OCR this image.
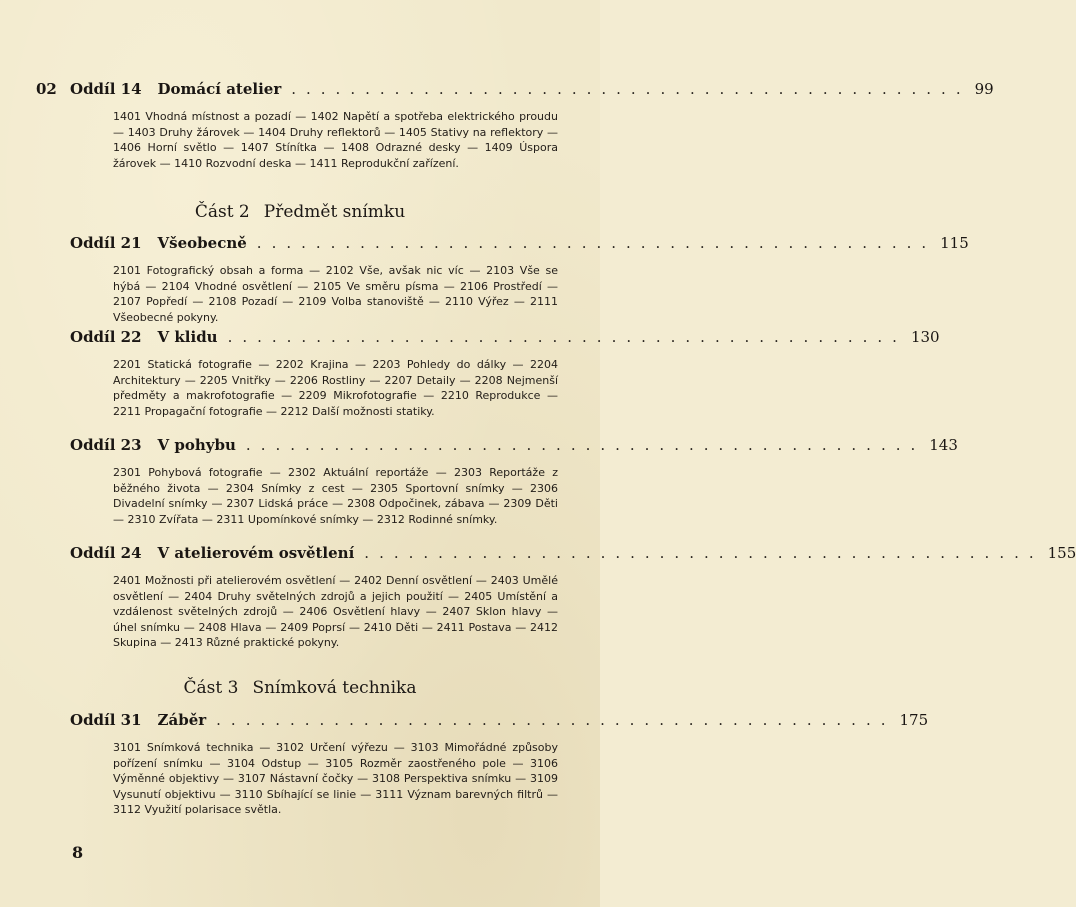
02 Oddíl 14 Domácí atelier .............................................. 99
1401 Vhodná místnost a pozadí — 1402 Napětí a spotřeba elektrického proudu — 1403 Druhy žárovek — 1404 Druhy reflektorů — 1405 Stativy na reflektory — 1406 Horní světlo — 1407 Stínítka — 1408 Odrazné desky — 1409 Úspora žárovek — 1410 Rozvodní deska — 1411 Reprodukční zařízení.
Část 2 Předmět snímku
Oddíl 21 Všeobecně .............................................. 115
2101 Fotografický obsah a forma — 2102 Vše, avšak nic víc — 2103 Vše se hýbá — 2104 Vhodné osvětlení — 2105 Ve směru písma — 2106 Prostředí — 2107 Popředí — 2108 Pozadí — 2109 Volba stanoviště — 2110 Výřez — 2111 Všeobecné pokyny.
Oddíl 22 V klidu .............................................. 130
2201 Statická fotografie — 2202 Krajina — 2203 Pohledy do dálky — 2204 Architektury — 2205 Vnitřky — 2206 Rostliny — 2207 Detaily — 2208 Nejmenší předměty a makrofotografie — 2209 Mikrofotografie — 2210 Reprodukce — 2211 Propagační fotografie — 2212 Další možnosti statiky.
Oddíl 23 V pohybu .............................................. 143
2301 Pohybová fotografie — 2302 Aktuální reportáže — 2303 Reportáže z běžného života — 2304 Snímky z cest — 2305 Sportovní snímky — 2306 Divadelní snímky — 2307 Lidská práce — 2308 Odpočinek, zábava — 2309 Děti — 2310 Zvířata — 2311 Upomínkové snímky — 2312 Rodinné snímky.
Oddíl 24 V atelierovém osvětlení .............................................. 155
2401 Možnosti při atelierovém osvětlení — 2402 Denní osvětlení — 2403 Umělé osvětlení — 2404 Druhy světelných zdrojů a jejich použití — 2405 Umístění a vzdálenost světelných zdrojů — 2406 Osvětlení hlavy — 2407 Sklon hlavy — úhel snímku — 2408 Hlava — 2409 Poprsí — 2410 Děti — 2411 Postava — 2412 Skupina — 2413 Různé praktické pokyny.
Část 3 Snímková technika
Oddíl 31 Záběr .............................................. 175
3101 Snímková technika — 3102 Určení výřezu — 3103 Mimořádné způsoby pořízení snímku — 3104 Odstup — 3105 Rozměr zaostřeného pole — 3106 Výměnné objektivy — 3107 Nástavní čočky — 3108 Perspektiva snímku — 3109 Vysunutí objektivu — 3110 Sbíhající se linie — 3111 Význam barevných filtrů — 3112 Využití polarisace světla.
8
